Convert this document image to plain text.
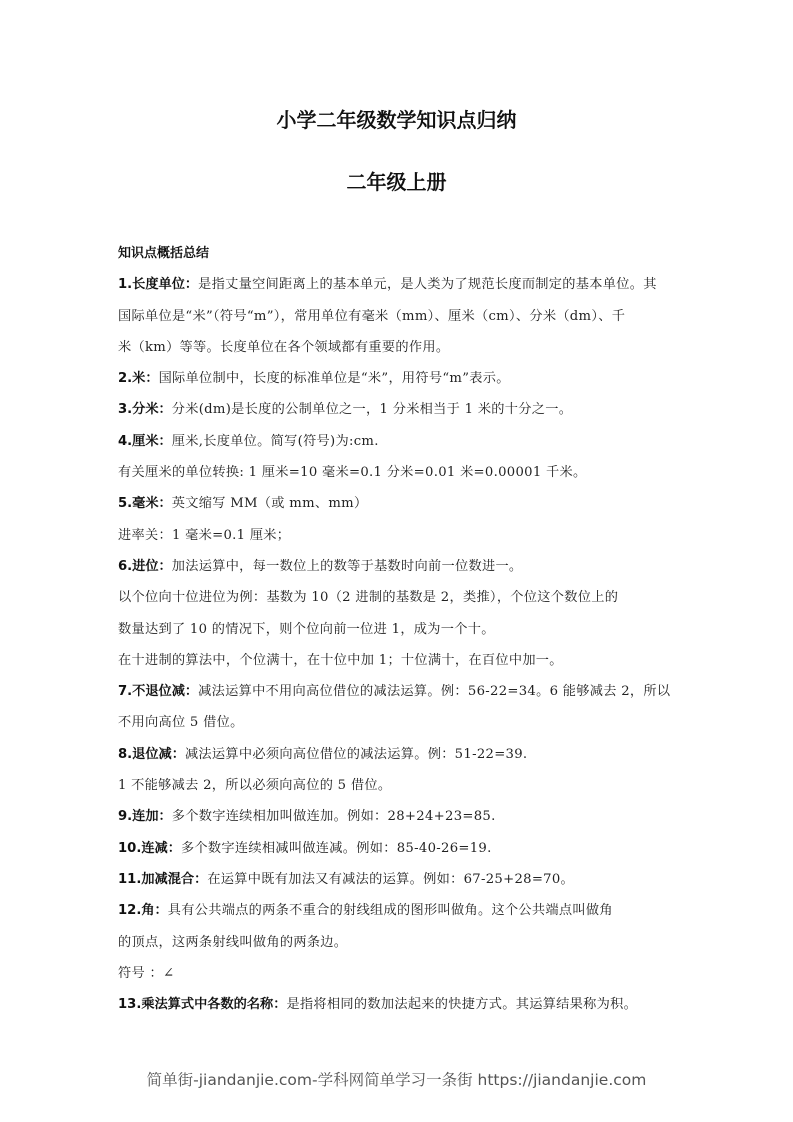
小学二年级数学知识点归纳
二年级上册
知识点概括总结
1.长度单位：是指丈量空间距离上的基本单元，是人类为了规范长度而制定的基本单位。其
国际单位是“米”（符号“m”），常用单位有毫米（mm）、厘米（cm）、分米（dm）、千
米（km）等等。长度单位在各个领域都有重要的作用。
2.米：国际单位制中，长度的标准单位是“米”，用符号“m”表示。
3.分米：分米(dm)是长度的公制单位之一，1 分米相当于 1 米的十分之一。
4.厘米：厘米,长度单位。简写(符号)为:cm.
有关厘米的单位转换: 1 厘米=10 毫米=0.1 分米=0.01 米=0.00001 千米。
5.毫米：英文缩写 MM（或 mm、mm）
进率关：1 毫米=0.1 厘米；
6.进位：加法运算中，每一数位上的数等于基数时向前一位数进一。
以个位向十位进位为例：基数为 10（2 进制的基数是 2，类推），个位这个数位上的
数量达到了 10 的情况下，则个位向前一位进 1，成为一个十。
在十进制的算法中，个位满十，在十位中加 1；十位满十，在百位中加一。
7.不退位减：减法运算中不用向高位借位的减法运算。例：56-22=34。6 能够减去 2，所以
不用向高位 5 借位。
8.退位减：减法运算中必须向高位借位的减法运算。例：51-22=39.
1 不能够减去 2，所以必须向高位的 5 借位。
9.连加：多个数字连续相加叫做连加。例如：28+24+23=85.
10.连减：多个数字连续相减叫做连减。例如：85-40-26=19.
11.加减混合：在运算中既有加法又有减法的运算。例如：67-25+28=70。
12.角：具有公共端点的两条不重合的射线组成的图形叫做角。这个公共端点叫做角
的顶点，这两条射线叫做角的两条边。
符号 ：∠
13.乘法算式中各数的名称：是指将相同的数加法起来的快捷方式。其运算结果称为积。
简单街-jiandanjie.com-学科网简单学习一条街 https://jiandanjie.com
